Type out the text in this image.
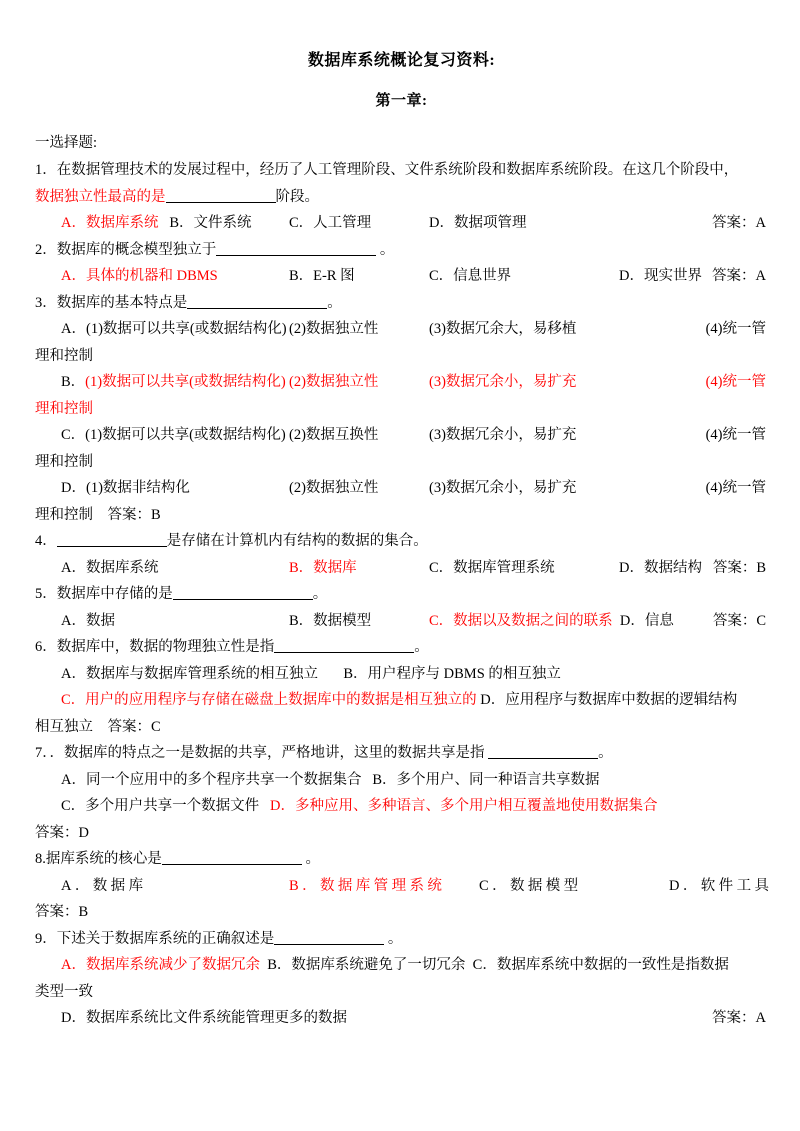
数据库系统概论复习资料:
第一章:
一选择题:
1．在数据管理技术的发展过程中，经历了人工管理阶段、文件系统阶段和数据库系统阶段。在这几个阶段中，
数据独立性最高的是	阶段。
A．数据库系统 B．文件系统	C．人工管理	D．数据项管理	答案：A
2．数据库的概念模型独立于	。
A．具体的机器和 DBMS	B．E-R 图	C．信息世界	D．现实世界 答案：A
3．数据库的基本特点是	。
A．(1)数据可以共享(或数据结构化) (2)数据独立性	(3)数据冗余大，易移植	(4)统一管
理和控制
B．(1)数据可以共享(或数据结构化) (2)数据独立性	(3)数据冗余小，易扩充	(4)统一管
理和控制
C．(1)数据可以共享(或数据结构化) (2)数据互换性	(3)数据冗余小，易扩充	(4)统一管
理和控制
D．(1)数据非结构化	(2)数据独立性	(3)数据冗余小，易扩充	(4)统一管
理和控制 答案：B
4．	是存储在计算机内有结构的数据的集合。
A．数据库系统	B．数据库	C．数据库管理系统	D．数据结构 答案：B
5．数据库中存储的是	。
A．数据	B．数据模型	C．数据以及数据之间的联系 D．信息	答案：C
6．数据库中，数据的物理独立性是指	。
A．数据库与数据库管理系统的相互独立 B．用户程序与 DBMS 的相互独立
C．用户的应用程序与存储在磁盘上数据库中的数据是相互独立的 D．应用程序与数据库中数据的逻辑结构
相互独立 答案：C
7．．数据库的特点之一是数据的共享，严格地讲，这里的数据共享是指	。
A．同一个应用中的多个程序共享一个数据集合 B．多个用户、同一种语言共享数据
C．多个用户共享一个数据文件 D．多种应用、多种语言、多个用户相互覆盖地使用数据集合
答案：D
8.据库系统的核心是	。
A．数据库	B．数据库管理系统	C．数据模型	D．软件工具
答案：B
9．下述关于数据库系统的正确叙述是	。
A．数据库系统减少了数据冗余 B．数据库系统避免了一切冗余 C．数据库系统中数据的一致性是指数据
类型一致
D．数据库系统比文件系统能管理更多的数据	答案：A
